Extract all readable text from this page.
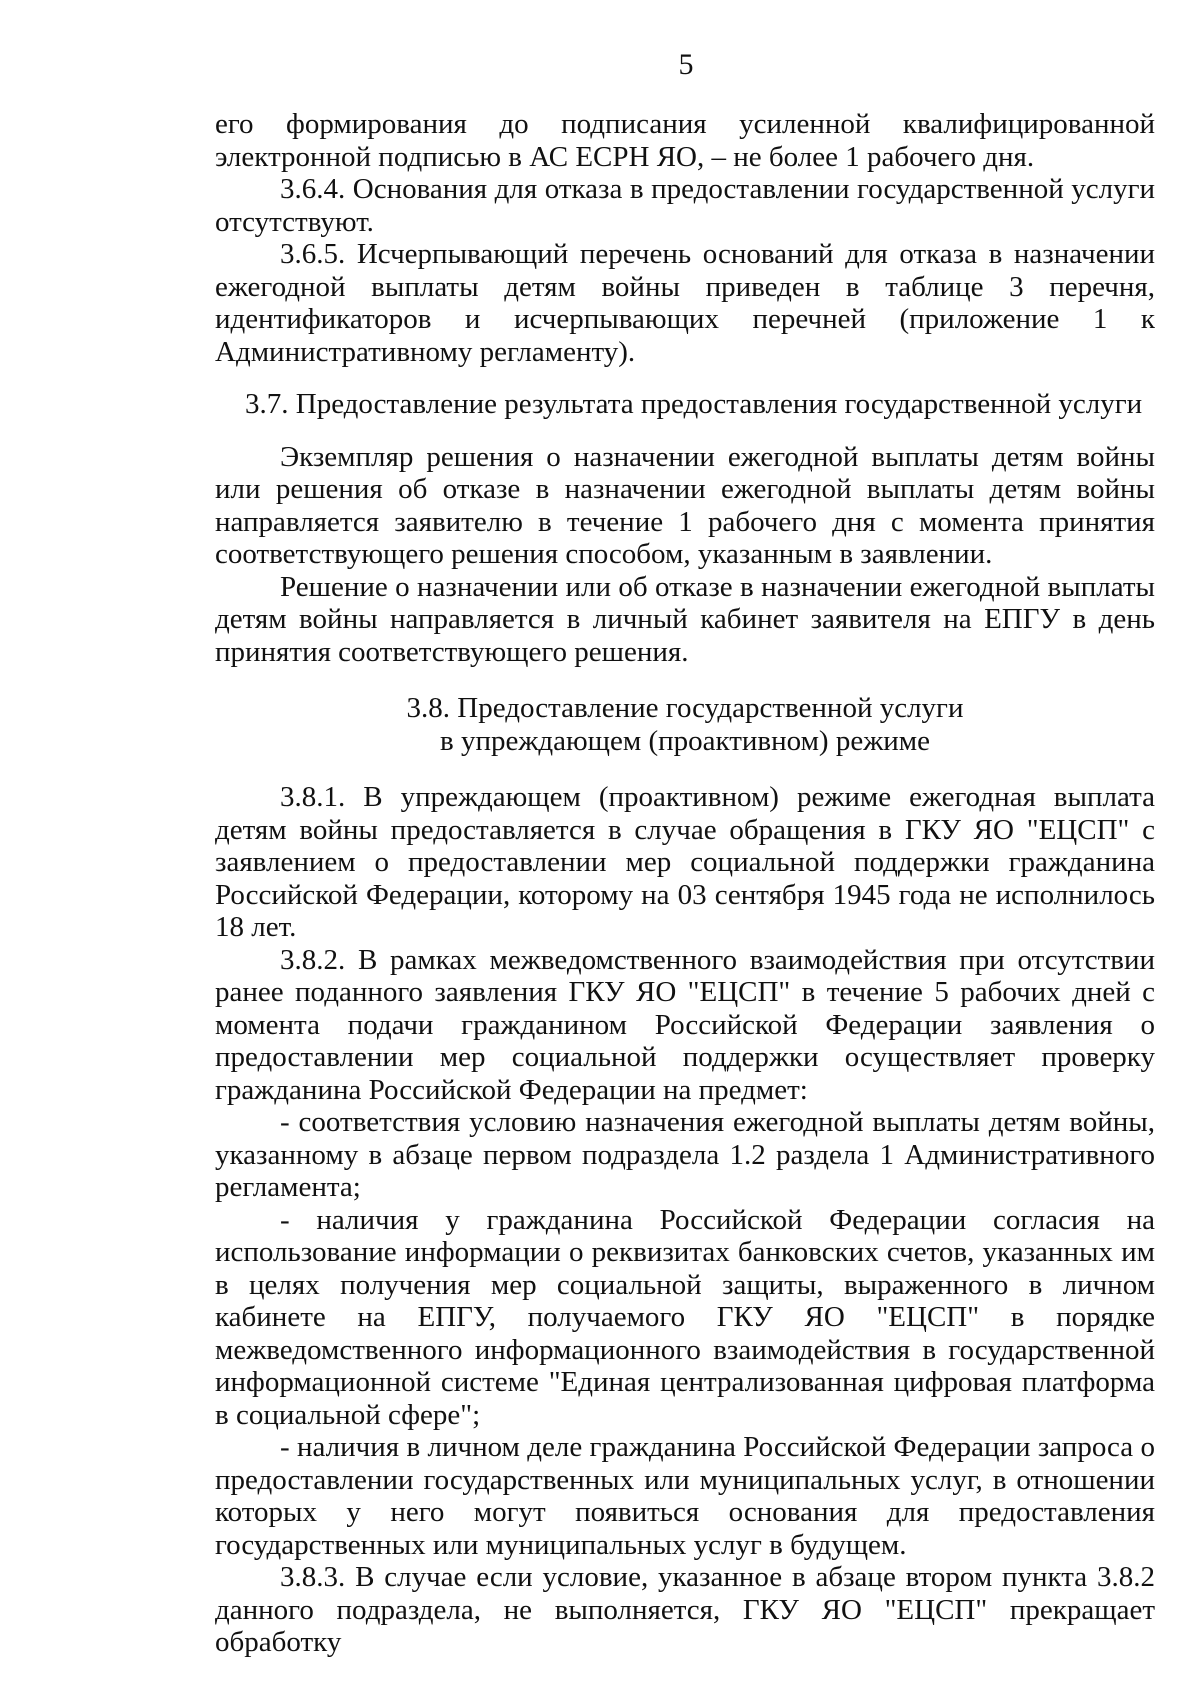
5

его формирования до подписания усиленной квалифицированной электронной подписью в АС ЕСРН ЯО, – не более 1 рабочего дня.

3.6.4. Основания для отказа в предоставлении государственной услуги отсутствуют.

3.6.5. Исчерпывающий перечень оснований для отказа в назначении ежегодной выплаты детям войны приведен в таблице 3 перечня, идентификаторов и исчерпывающих перечней (приложение 1 к Административному регламенту).

3.7. Предоставление результата предоставления государственной услуги

Экземпляр решения о назначении ежегодной выплаты детям войны или решения об отказе в назначении ежегодной выплаты детям войны направляется заявителю в течение 1 рабочего дня с момента принятия соответствующего решения способом, указанным в заявлении.

Решение о назначении или об отказе в назначении ежегодной выплаты детям войны направляется в личный кабинет заявителя на ЕПГУ в день принятия соответствующего решения.

3.8. Предоставление государственной услуги

в упреждающем (проактивном) режиме

3.8.1. В упреждающем (проактивном) режиме ежегодная выплата детям войны предоставляется в случае обращения в ГКУ ЯО "ЕЦСП" с заявлением о предоставлении мер социальной поддержки гражданина Российской Федерации, которому на 03 сентября 1945 года не исполнилось 18 лет.

3.8.2. В рамках межведомственного взаимодействия при отсутствии ранее поданного заявления ГКУ ЯО "ЕЦСП" в течение 5 рабочих дней с момента подачи гражданином Российской Федерации заявления о предоставлении мер социальной поддержки осуществляет проверку гражданина Российской Федерации на предмет:

- соответствия условию назначения ежегодной выплаты детям войны, указанному в абзаце первом подраздела 1.2 раздела 1 Административного регламента;

- наличия у гражданина Российской Федерации согласия на использование информации о реквизитах банковских счетов, указанных им в целях получения мер социальной защиты, выраженного в личном кабинете на ЕПГУ, получаемого ГКУ ЯО "ЕЦСП" в порядке межведомственного информационного взаимодействия в государственной информационной системе "Единая централизованная цифровая платформа в социальной сфере";

- наличия в личном деле гражданина Российской Федерации запроса о предоставлении государственных или муниципальных услуг, в отношении которых у него могут появиться основания для предоставления государственных или муниципальных услуг в будущем.

3.8.3. В случае если условие, указанное в абзаце втором пункта 3.8.2 данного подраздела, не выполняется, ГКУ ЯО "ЕЦСП" прекращает обработку
